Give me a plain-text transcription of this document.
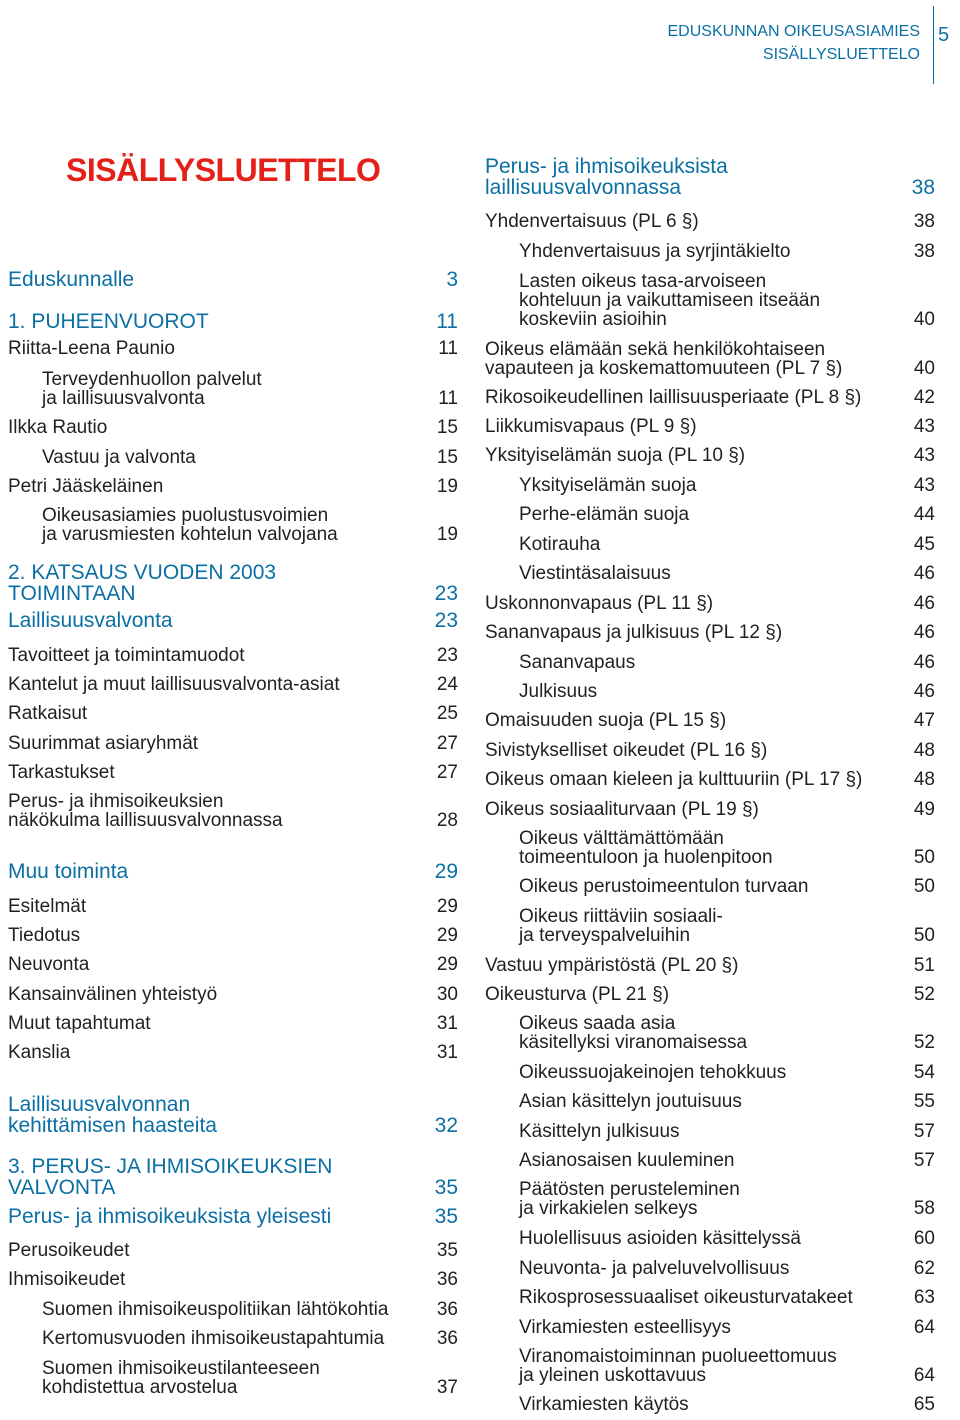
EDUSKUNNAN OIKEUSASIAMIES
SISÄLLYSLUETTELO
5
SISÄLLYSLUETTELO
Eduskunnalle	3
1. PUHEENVUOROT	11
Riitta-Leena Paunio	11
Terveydenhuollon palvelut
ja laillisuusvalvonta	11
Ilkka Rautio	15
Vastuu ja valvonta	15
Petri Jääskeläinen	19
Oikeusasiamies puolustusvoimien
ja varusmiesten kohtelun valvojana	19
2. KATSAUS VUODEN 2003 TOIMINTAAN	23
Laillisuusvalvonta	23
Tavoitteet ja toimintamuodot	23
Kantelut ja muut laillisuusvalvonta-asiat	24
Ratkaisut	25
Suurimmat asiaryhmät	27
Tarkastukset	27
Perus- ja ihmisoikeuksien
näkökulma laillisuusvalvonnassa	28
Muu toiminta	29
Esitelmät	29
Tiedotus	29
Neuvonta	29
Kansainvälinen yhteistyö	30
Muut tapahtumat	31
Kanslia	31
Laillisuusvalvonnan
kehittämisen haasteita	32
3. PERUS- JA IHMISOIKEUKSIEN VALVONTA	35
Perus- ja ihmisoikeuksista yleisesti	35
Perusoikeudet	35
Ihmisoikeudet	36
Suomen ihmisoikeuspolitiikan lähtökohtia	36
Kertomusvuoden ihmisoikeustapahtumia	36
Suomen ihmisoikeustilanteeseen
kohdistettua arvostelua	37
Perus- ja ihmisoikeuksista
laillisuusvalvonnassa	38
Yhdenvertaisuus (PL 6 §)	38
Yhdenvertaisuus ja syrjintäkielto	38
Lasten oikeus tasa-arvoiseen
kohteluun ja vaikuttamiseen itseään
koskeviin asioihin	40
Oikeus elämään sekä henkilökohtaiseen
vapauteen ja koskemattomuuteen (PL 7 §)	40
Rikosoikeudellinen laillisuusperiaate (PL 8 §)	42
Liikkumisvapaus (PL 9 §)	43
Yksityiselämän suoja (PL 10 §)	43
Yksityiselämän suoja	43
Perhe-elämän suoja	44
Kotirauha	45
Viestintäsalaisuus	46
Uskonnonvapaus (PL 11 §)	46
Sananvapaus ja julkisuus (PL 12 §)	46
Sananvapaus	46
Julkisuus	46
Omaisuuden suoja (PL 15 §)	47
Sivistykselliset oikeudet (PL 16 §)	48
Oikeus omaan kieleen ja kulttuuriin (PL 17 §)	48
Oikeus sosiaaliturvaan (PL 19 §)	49
Oikeus välttämättömään
toimeentuloon ja huolenpitoon	50
Oikeus perustoimeentulon turvaan	50
Oikeus riittäviin sosiaali-
ja terveyspalveluihin	50
Vastuu ympäristöstä (PL 20 §)	51
Oikeusturva (PL 21 §)	52
Oikeus saada asia
käsitellyksi viranomaisessa	52
Oikeussuojakeinojen tehokkuus	54
Asian käsittelyn joutuisuus	55
Käsittelyn julkisuus	57
Asianosaisen kuuleminen	57
Päätösten perusteleminen
ja virkakielen selkeys	58
Huolellisuus asioiden käsittelyssä	60
Neuvonta- ja palveluvelvollisuus	62
Rikosprosessuaaliset oikeusturvatakeet	63
Virkamiesten esteellisyys	64
Viranomaistoiminnan puolueettomuus
ja yleinen uskottavuus	64
Virkamiesten käytös	65
